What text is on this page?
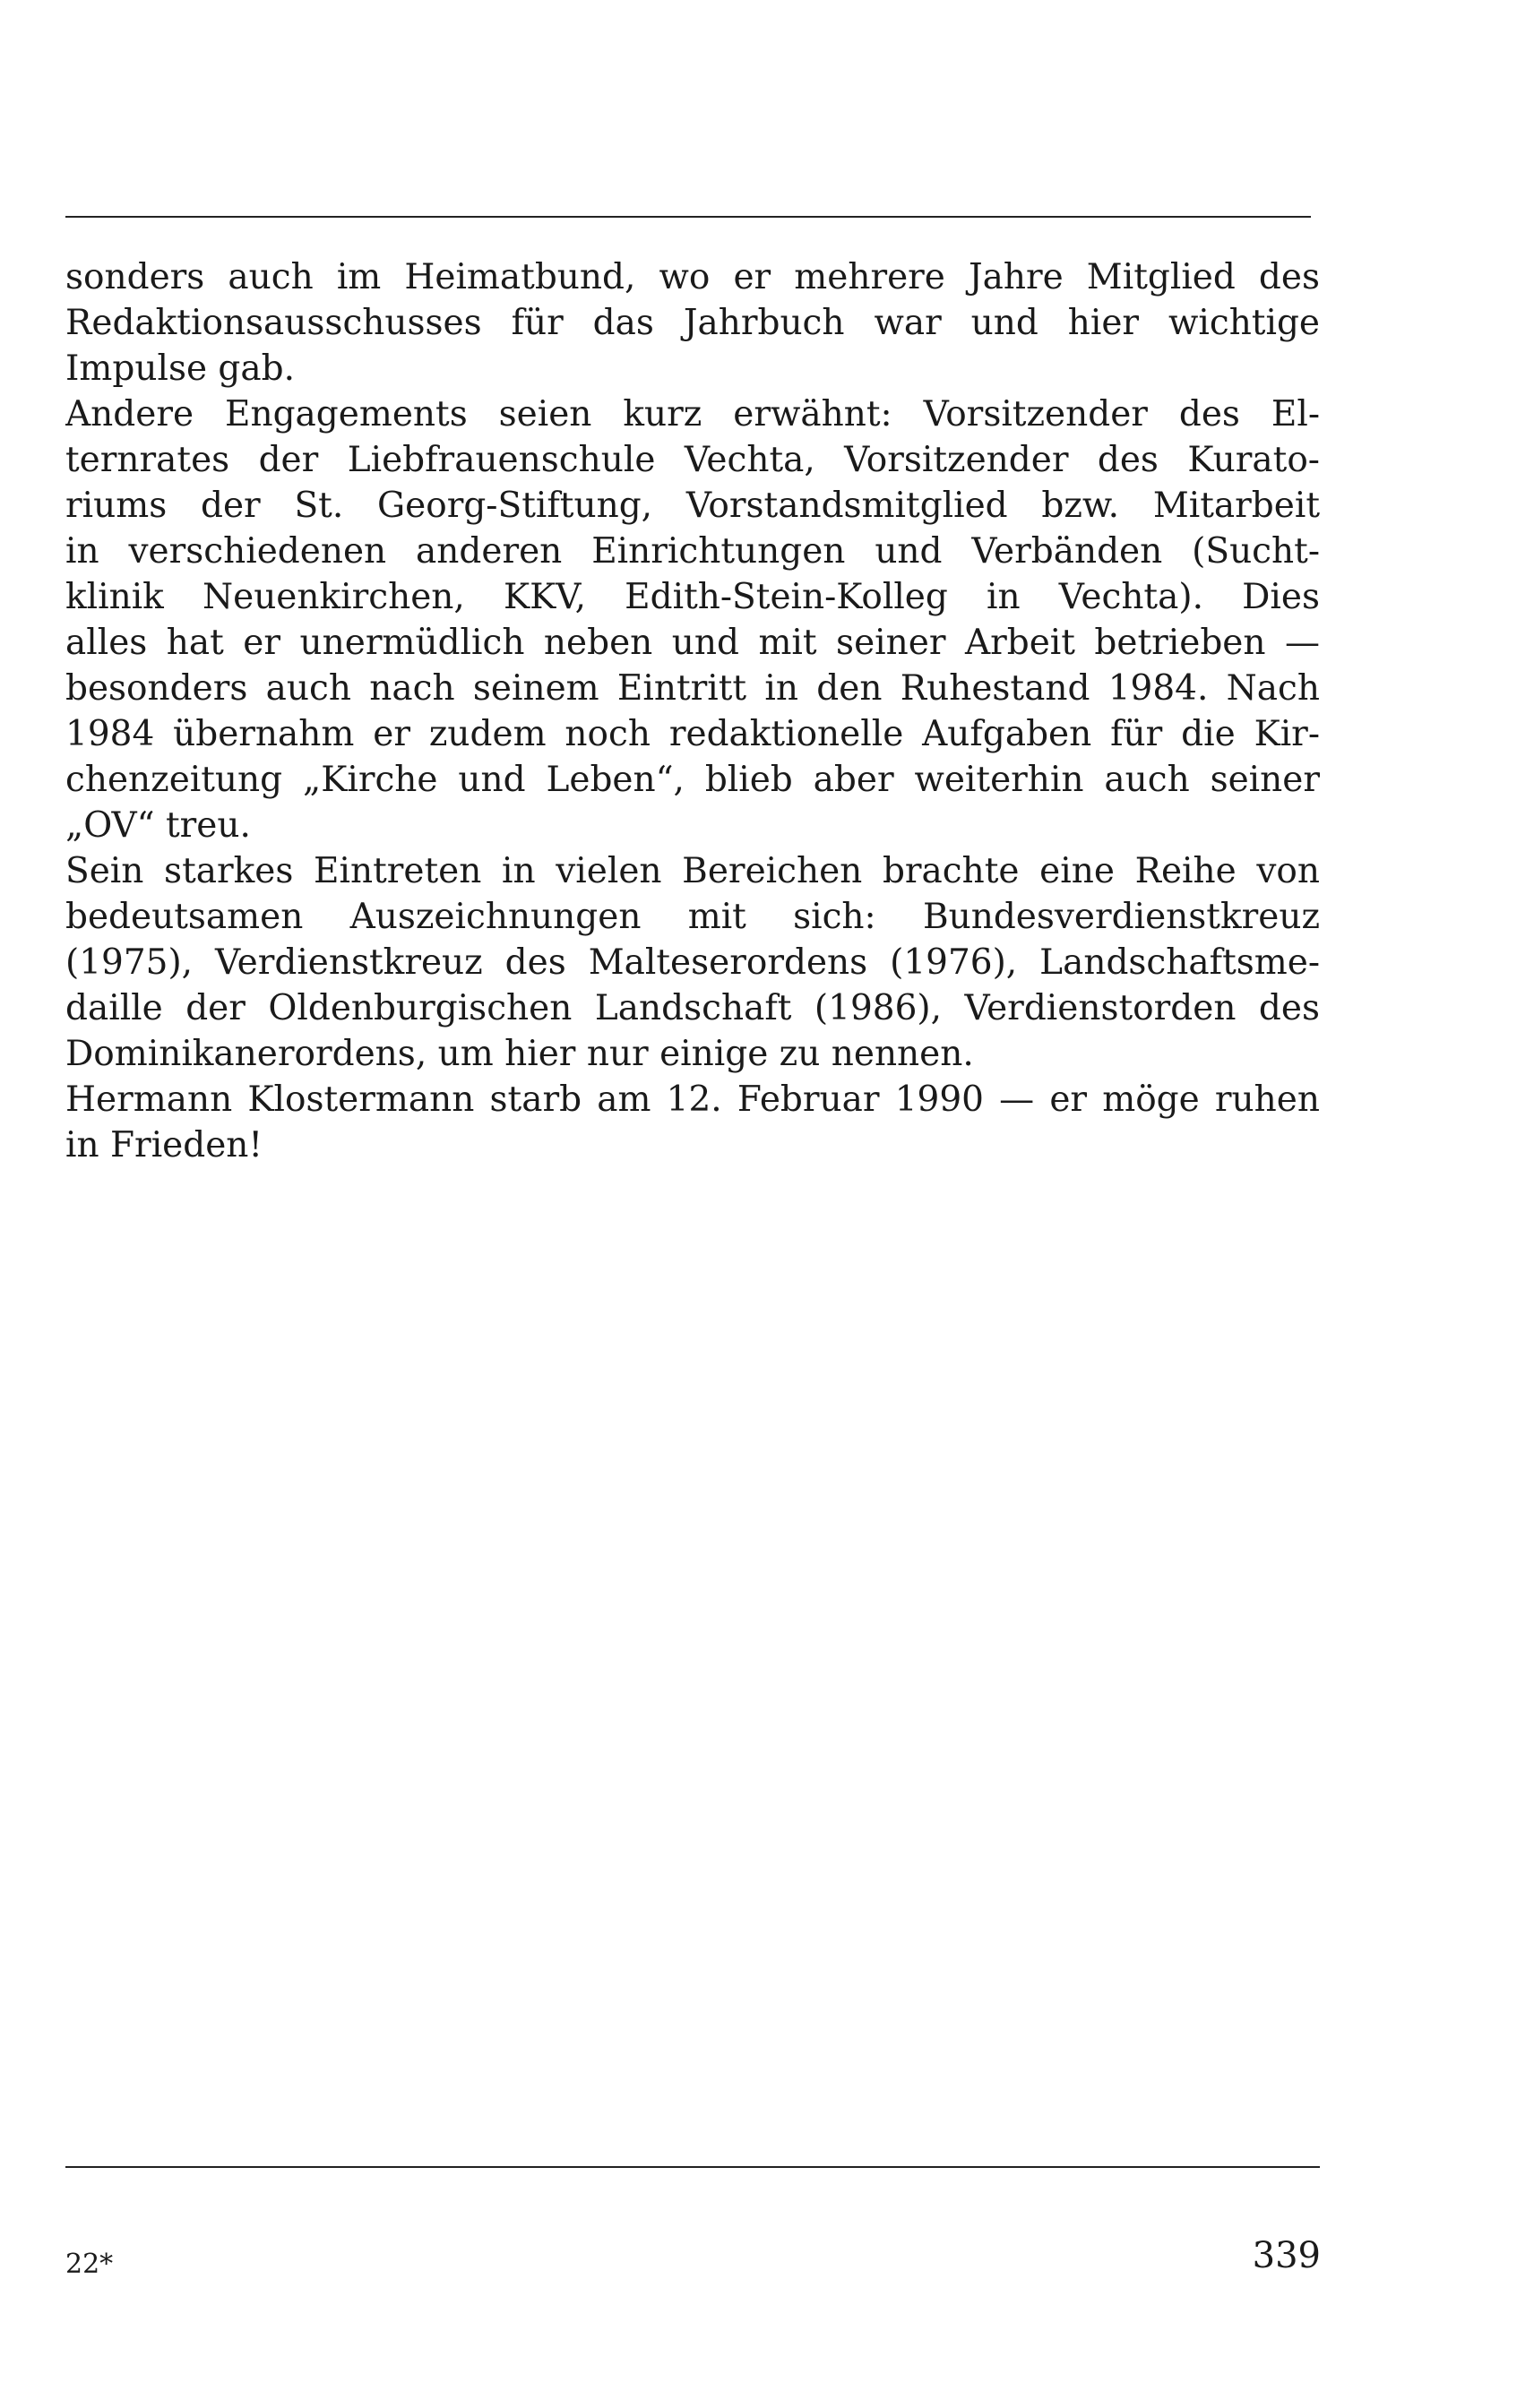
sonders auch im Heimatbund, wo er mehrere Jahre Mitglied des
Redaktionsausschusses für das Jahrbuch war und hier wichtige
Impulse gab.
Andere Engagements seien kurz erwähnt: Vorsitzender des El-
ternrates der Liebfrauenschule Vechta, Vorsitzender des Kurato-
riums der St. Georg-Stiftung, Vorstandsmitglied bzw. Mitarbeit
in verschiedenen anderen Einrichtungen und Verbänden (Sucht-
klinik Neuenkirchen, KKV, Edith-Stein-Kolleg in Vechta). Dies
alles hat er unermüdlich neben und mit seiner Arbeit betrieben —
besonders auch nach seinem Eintritt in den Ruhestand 1984. Nach
1984 übernahm er zudem noch redaktionelle Aufgaben für die Kir-
chenzeitung „Kirche und Leben“, blieb aber weiterhin auch seiner
„OV“ treu.
Sein starkes Eintreten in vielen Bereichen brachte eine Reihe von
bedeutsamen Auszeichnungen mit sich: Bundesverdienstkreuz
(1975), Verdienstkreuz des Malteserordens (1976), Landschaftsme-
daille der Oldenburgischen Landschaft (1986), Verdienstorden des
Dominikanerordens, um hier nur einige zu nennen.
Hermann Klostermann starb am 12. Februar 1990 — er möge ruhen
in Frieden!
22*	339
